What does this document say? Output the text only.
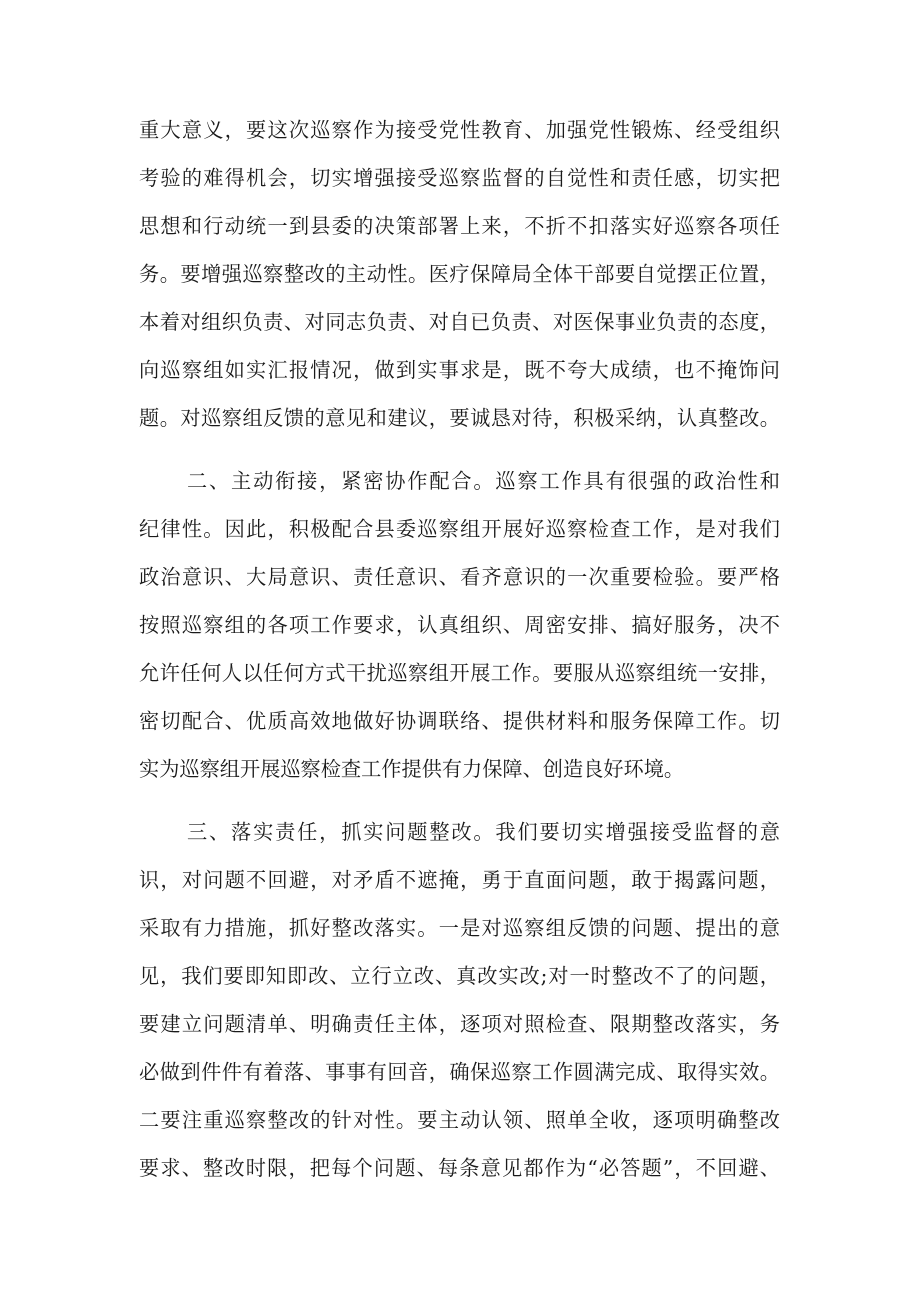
重大意义，要这次巡察作为接受党性教育、加强党性锻炼、经受组织

考验的难得机会，切实增强接受巡察监督的自觉性和责任感，切实把

思想和行动统一到县委的决策部署上来，不折不扣落实好巡察各项任

务。要增强巡察整改的主动性。医疗保障局全体干部要自觉摆正位置，

本着对组织负责、对同志负责、对自已负责、对医保事业负责的态度，

向巡察组如实汇报情况，做到实事求是，既不夸大成绩，也不掩饰问

题。对巡察组反馈的意见和建议，要诚恳对待，积极采纳，认真整改。

二、主动衔接，紧密协作配合。巡察工作具有很强的政治性和

纪律性。因此，积极配合县委巡察组开展好巡察检查工作，是对我们

政治意识、大局意识、责任意识、看齐意识的一次重要检验。要严格

按照巡察组的各项工作要求，认真组织、周密安排、搞好服务，决不

允许任何人以任何方式干扰巡察组开展工作。要服从巡察组统一安排，

密切配合、优质高效地做好协调联络、提供材料和服务保障工作。切

实为巡察组开展巡察检查工作提供有力保障、创造良好环境。

三、落实责任，抓实问题整改。我们要切实增强接受监督的意

识，对问题不回避，对矛盾不遮掩，勇于直面问题，敢于揭露问题，

采取有力措施，抓好整改落实。一是对巡察组反馈的问题、提出的意

见，我们要即知即改、立行立改、真改实改;对一时整改不了的问题，

要建立问题清单、明确责任主体，逐项对照检查、限期整改落实，务

必做到件件有着落、事事有回音，确保巡察工作圆满完成、取得实效。

二要注重巡察整改的针对性。要主动认领、照单全收，逐项明确整改

要求、整改时限，把每个问题、每条意见都作为“必答题”，不回避、
